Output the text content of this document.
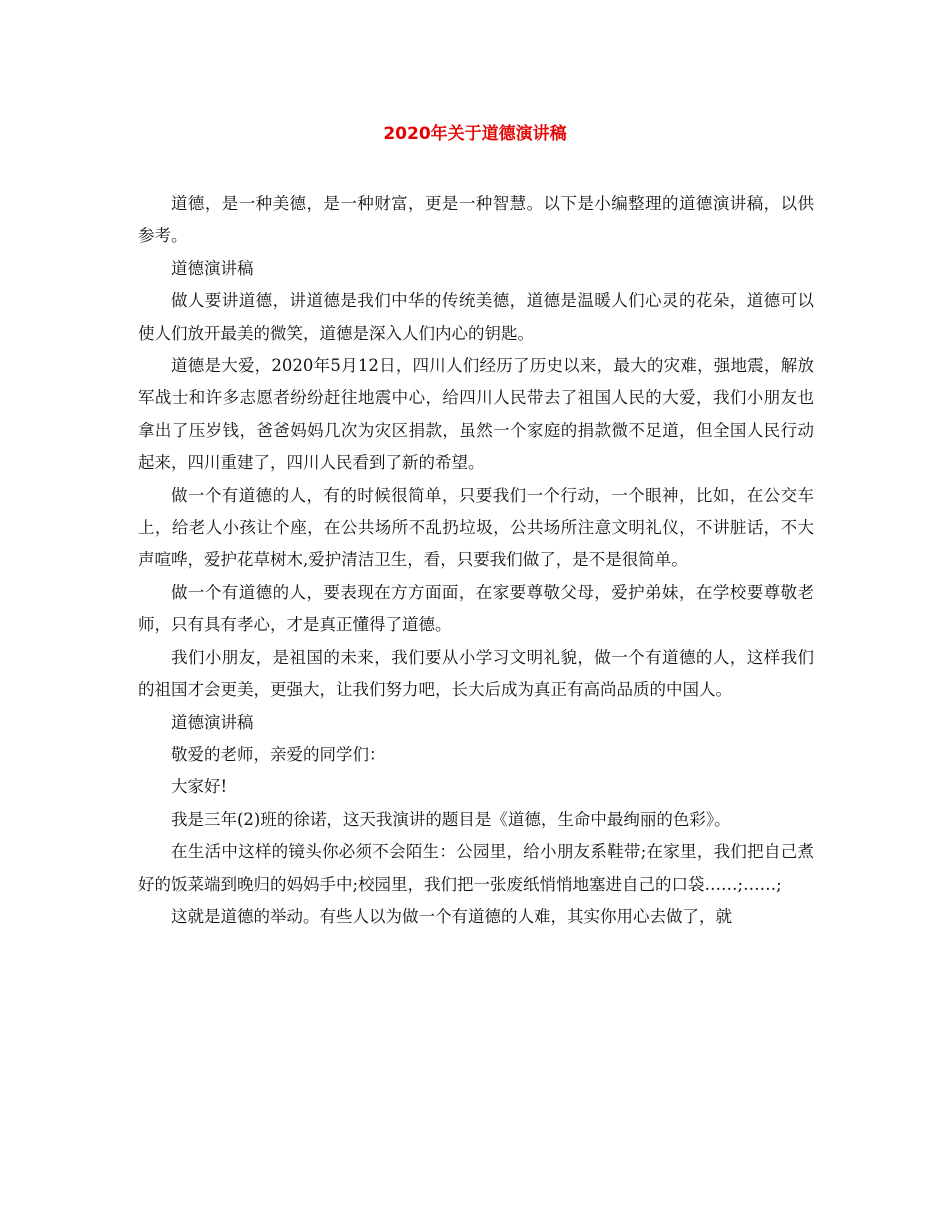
2020年关于道德演讲稿

道德，是一种美德，是一种财富，更是一种智慧。以下是小编整理的道德演讲稿，以供参考。

道德演讲稿

做人要讲道德，讲道德是我们中华的传统美德，道德是温暖人们心灵的花朵，道德可以使人们放开最美的微笑，道德是深入人们内心的钥匙。

道德是大爱，2020年5月12日，四川人们经历了历史以来，最大的灾难，强地震，解放军战士和许多志愿者纷纷赶往地震中心，给四川人民带去了祖国人民的大爱，我们小朋友也拿出了压岁钱，爸爸妈妈几次为灾区捐款，虽然一个家庭的捐款微不足道，但全国人民行动起来，四川重建了，四川人民看到了新的希望。

做一个有道德的人，有的时候很简单，只要我们一个行动，一个眼神，比如，在公交车上，给老人小孩让个座，在公共场所不乱扔垃圾，公共场所注意文明礼仪，不讲脏话，不大声喧哗，爱护花草树木,爱护清洁卫生，看，只要我们做了，是不是很简单。

做一个有道德的人，要表现在方方面面，在家要尊敬父母，爱护弟妹，在学校要尊敬老师，只有具有孝心，才是真正懂得了道德。

我们小朋友，是祖国的未来，我们要从小学习文明礼貌，做一个有道德的人，这样我们的祖国才会更美，更强大，让我们努力吧，长大后成为真正有高尚品质的中国人。

道德演讲稿

敬爱的老师，亲爱的同学们：

大家好!

我是三年(2)班的徐诺，这天我演讲的题目是《道德，生命中最绚丽的色彩》。

在生活中这样的镜头你必须不会陌生：公园里，给小朋友系鞋带;在家里，我们把自己煮好的饭菜端到晚归的妈妈手中;校园里，我们把一张废纸悄悄地塞进自己的口袋……;……;

这就是道德的举动。有些人以为做一个有道德的人难，其实你用心去做了，就
